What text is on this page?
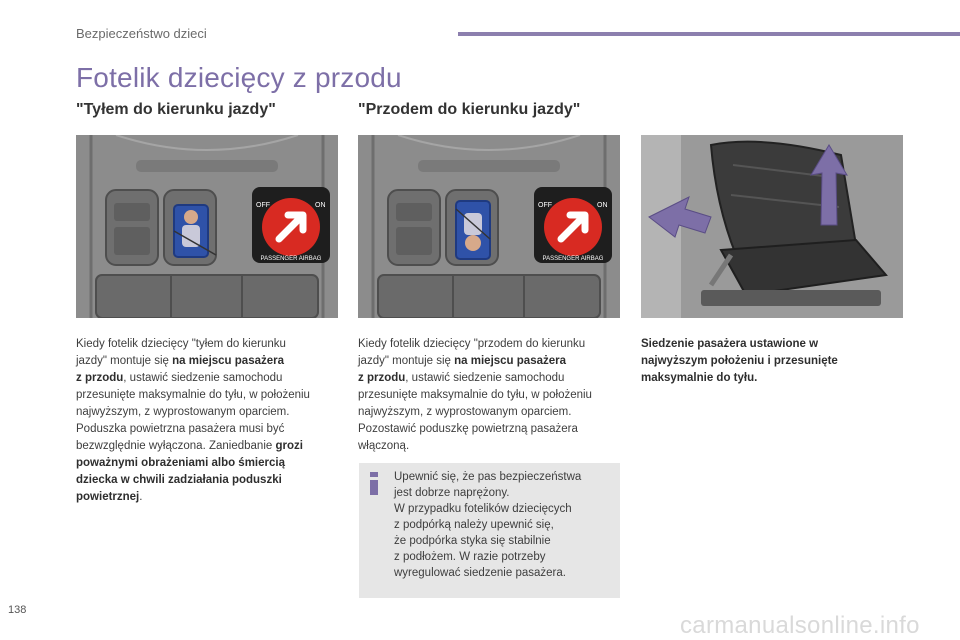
Bezpieczeństwo dzieci
Fotelik dziecięcy z przodu
"Tyłem do kierunku jazdy"	"Przodem do kierunku jazdy"
OFF	ON
PASSENGER AIRBAG
OFF	ON
PASSENGER AIRBAG
Kiedy fotelik dziecięcy "tyłem do kierunku
jazdy" montuje się na miejscu pasażera
z przodu, ustawić siedzenie samochodu
przesunięte maksymalnie do tyłu, w położeniu
najwyższym, z wyprostowanym oparciem.
Poduszka powietrzna pasażera musi być
bezwzględnie wyłączona. Zaniedbanie grozi
poważnymi obrażeniami albo śmiercią
dziecka w chwili zadziałania poduszki
powietrznej.
Kiedy fotelik dziecięcy "przodem do kierunku
jazdy" montuje się na miejscu pasażera
z przodu, ustawić siedzenie samochodu
przesunięte maksymalnie do tyłu, w położeniu
najwyższym, z wyprostowanym oparciem.
Pozostawić poduszkę powietrzną pasażera
włączoną.
Siedzenie pasażera ustawione w
najwyższym położeniu i przesunięte
maksymalnie do tyłu.
Upewnić się, że pas bezpieczeństwa
jest dobrze naprężony.
W przypadku fotelików dziecięcych
z podpórką należy upewnić się,
że podpórka styka się stabilnie
z podłożem. W razie potrzeby
wyregulować siedzenie pasażera.
138
carmanualsonline.info
